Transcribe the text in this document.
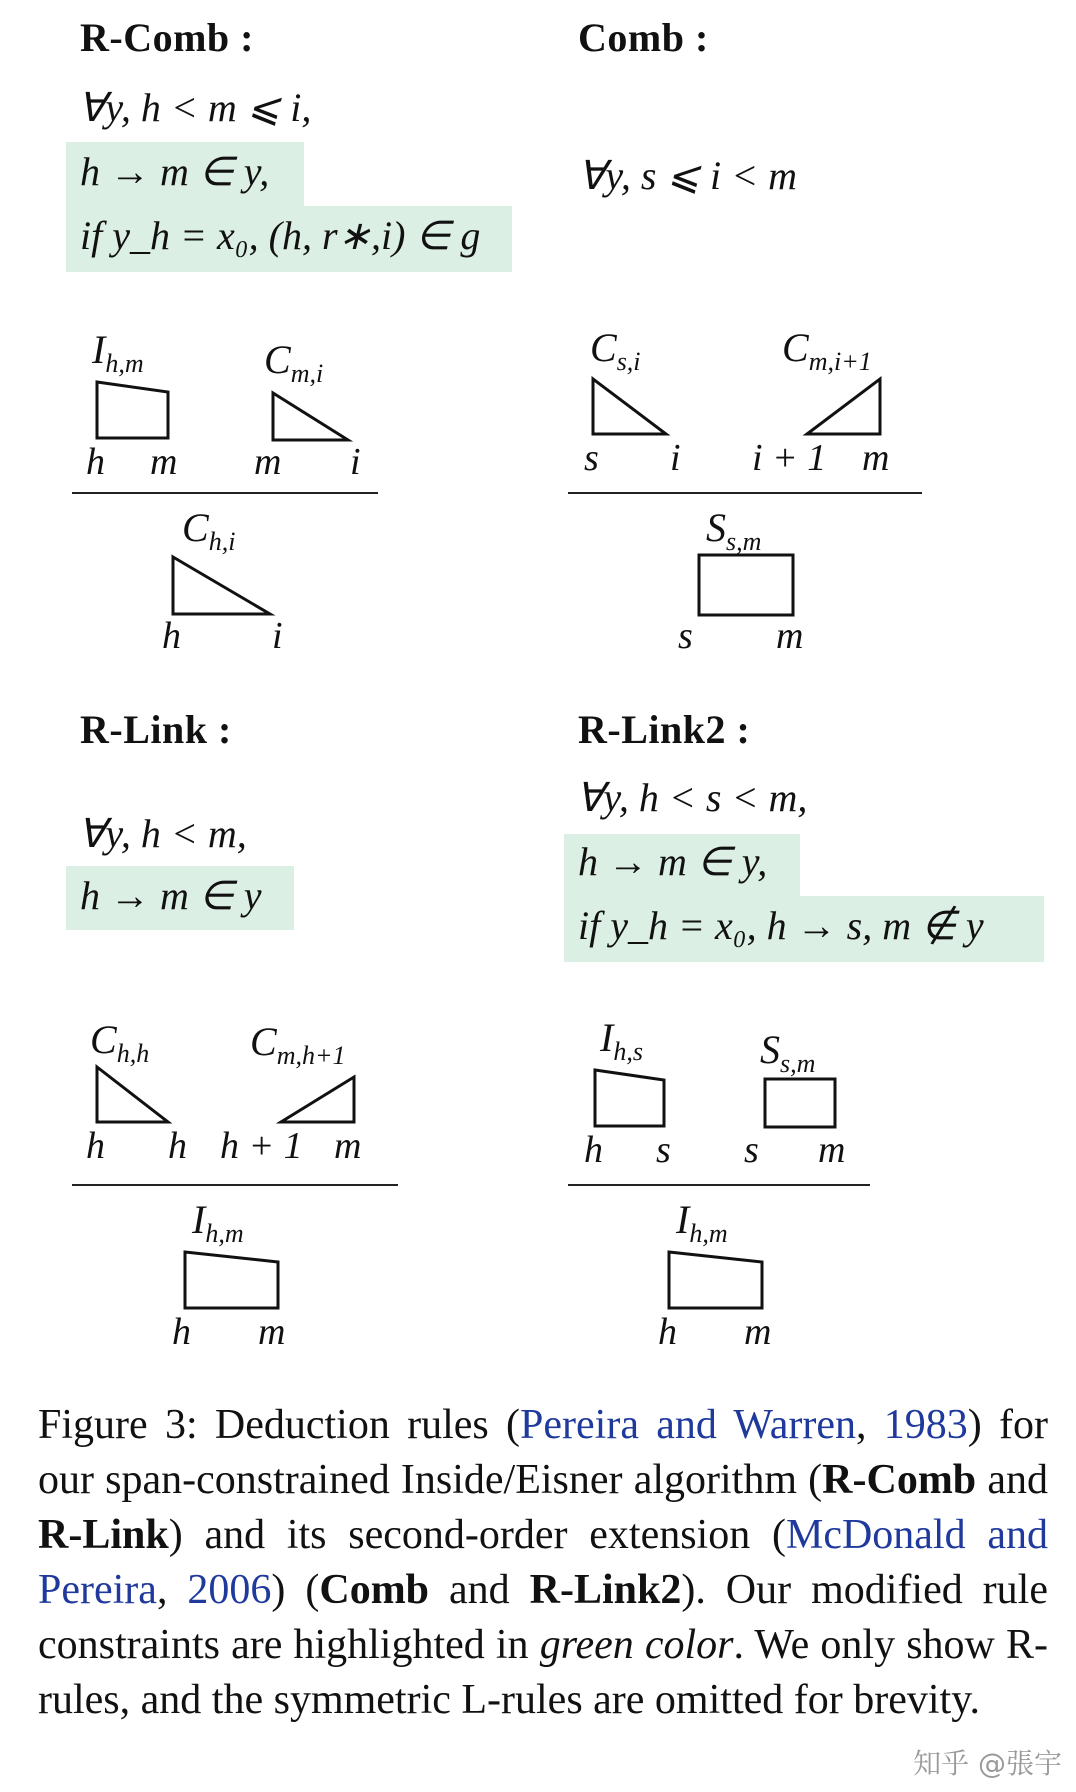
R-Comb :
∀y, h < m ⩽ i,
h → m ∈ y,
if y_h = x₀, (h, r∗,i) ∈ g
$I_{h,m}$
h m
$C_{m,i}$
m i
$C_{h,i}$
h i
Comb :
∀y, s ⩽ i < m
$C_{s,i}$
s i
$C_{m,i+1}$
i + 1 m
$S_{s,m}$
s m
R-Link :
∀y, h < m,
h → m ∈ y
$C_{h,h}$
h h
$C_{m,h+1}$
h + 1 m
$I_{h,m}$
h m
R-Link2 :
∀y, h < s < m,
h → m ∈ y,
if y_h = x₀, h → s, m ∉ y
$I_{h,s}$
h s
$S_{s,m}$
s m
$I_{h,m}$
h m
Figure 3: Deduction rules (Pereira and Warren, 1983) for our span-constrained Inside/Eisner algorithm (R-Comb and R-Link) and its second-order extension (McDonald and Pereira, 2006) (Comb and R-Link2). Our modified rule constraints are highlighted in green color. We only show R-rules, and the symmetric L-rules are omitted for brevity.
知乎 @張宇
